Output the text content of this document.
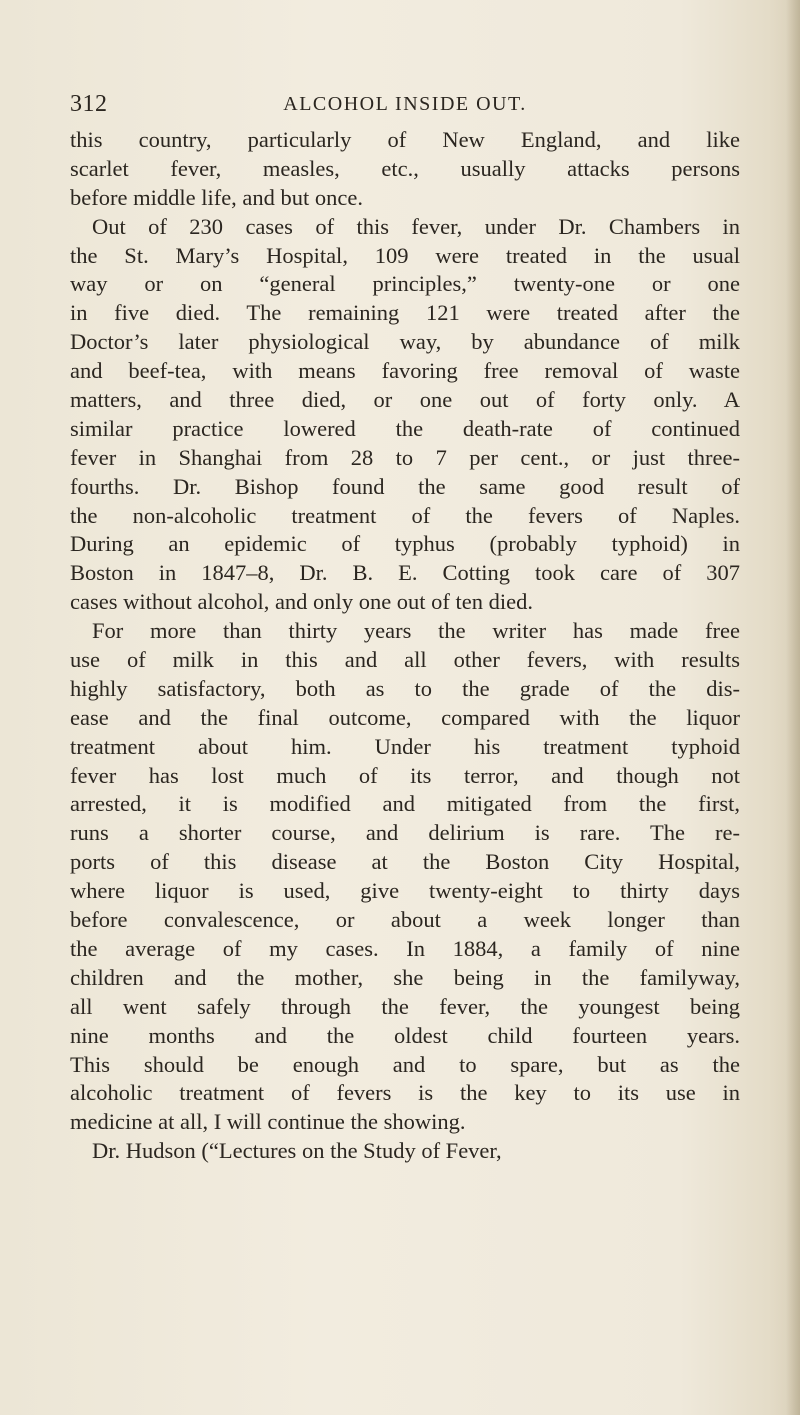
312	ALCOHOL INSIDE OUT.
this country, particularly of New England, and like
scarlet fever, measles, etc., usually attacks persons
before middle life, and but once.
Out of 230 cases of this fever, under Dr. Chambers in
the St. Mary’s Hospital, 109 were treated in the usual
way or on “general principles,” twenty-one or one
in five died. The remaining 121 were treated after the
Doctor’s later physiological way, by abundance of milk
and beef-tea, with means favoring free removal of waste
matters, and three died, or one out of forty only. A
similar practice lowered the death-rate of continued
fever in Shanghai from 28 to 7 per cent., or just three-
fourths. Dr. Bishop found the same good result of
the non-alcoholic treatment of the fevers of Naples.
During an epidemic of typhus (probably typhoid) in
Boston in 1847–8, Dr. B. E. Cotting took care of 307
cases without alcohol, and only one out of ten died.
For more than thirty years the writer has made free
use of milk in this and all other fevers, with results
highly satisfactory, both as to the grade of the dis-
ease and the final outcome, compared with the liquor
treatment about him. Under his treatment typhoid
fever has lost much of its terror, and though not
arrested, it is modified and mitigated from the first,
runs a shorter course, and delirium is rare. The re-
ports of this disease at the Boston City Hospital,
where liquor is used, give twenty-eight to thirty days
before convalescence, or about a week longer than
the average of my cases. In 1884, a family of nine
children and the mother, she being in the familyway,
all went safely through the fever, the youngest being
nine months and the oldest child fourteen years.
This should be enough and to spare, but as the
alcoholic treatment of fevers is the key to its use in
medicine at all, I will continue the showing.
Dr. Hudson (“Lectures on the Study of Fever,
